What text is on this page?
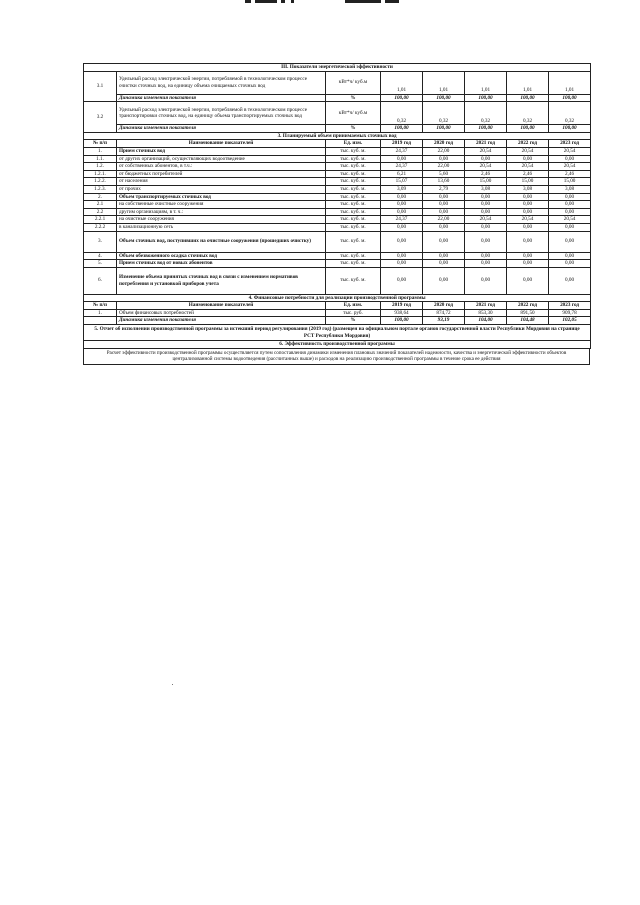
III. Показатели энергетической эффективности							
3.1	Удельный расход электрической энергии, потребляемой в технологическом процессе очистки сточных вод, на единицу объема очищаемых сточных вод	кВт*ч/ куб.м	1,01	1,01	1,01	1,01	1,01
	Динамика изменения показателя	%	100,00	100,00	100,00	100,00	100,00
3.2	Удельный расход электрической энергии, потребляемой в технологическом процессе транспортировки сточных вод, на единицу объема транспортируемых сточных вод	кВт*ч/ куб.м	0,32	0,32	0,32	0,32	0,32
	Динамика изменения показателя	%	100,00	100,00	100,00	100,00	100,00
3. Планируемый объем принимаемых сточных вод							
№ п/п	Наименование показателей	Ед. изм.	2019 год	2020 год	2021 год	2022 год	2023 год
1.	Прием сточных вод	тыс. куб. м.	24,37	22,00	20,54	20,54	20,54
1.1.	от других организаций, осуществляющих водоотведение	тыс. куб. м.	0,00	0,00	0,00	0,00	0,00
1.2.	от собственных абонентов, в т.ч.:	тыс. куб. м.	24,37	22,00	20,54	20,54	20,54
1.2.1.	от бюджетных потребителей	тыс. куб. м.	6,21	5,60	2,46	2,46	2,46
1.2.2.	от населения	тыс. куб. м.	15,07	13,60	15,00	15,00	15,00
1.2.3.	от прочих	тыс. куб. м.	3,09	2,79	3,08	3,08	3,08
2.	Объем транспортируемых сточных вод	тыс. куб. м.	0,00	0,00	0,00	0,00	0,00
2.1	на собственные очистные сооружения	тыс. куб. м.	0,00	0,00	0,00	0,00	0,00
2.2	другим организациям, в т. ч.:	тыс. куб. м.	0,00	0,00	0,00	0,00	0,00
2.2.1	на очистные сооружения	тыс. куб. м.	24,37	22,00	20,54	20,54	20,54
2.2.2	в канализационную сеть	тыс. куб. м.	0,00	0,00	0,00	0,00	0,00
3.	Объем сточных вод, поступивших на очистные сооружения (прошедших очистку)	тыс. куб. м.	0,00	0,00	0,00	0,00	0,00
4.	Объем обезвоженного осадка сточных вод	тыс. куб. м.	0,00	0,00	0,00	0,00	0,00
5.	Прием сточных вод от новых абонентов	тыс. куб. м.	0,00	0,00	0,00	0,00	0,00
6.	Изменение объема принятых сточных вод в связи с изменением нормативов потребления и установкой приборов учета	тыс. куб. м.	0,00	0,00	0,00	0,00	0,00
4. Финансовые потребности для реализации производственной программы							
№ п/п	Наименование показателей	Ед. изм.	2019 год	2020 год	2021 год	2022 год	2023 год
1.	Объем финансовых потребностей	тыс. руб.	938,64	874,72	853,30	891,50	909,78
	Динамика изменения показателя	%	100,00	93,19	104,00	104,48	102,05
5. Отчет об исполнении производственной программы за истекший период регулирования (2019 год) (размещен на официальном портале органов государственной власти Республики Мордовия на странице РСТ Республики Мордовия)							
6. Эффективность производственной программы							
Расчет эффективности производственной программы осуществляется путем сопоставления динамики изменения плановых значений показателей надежности, качества и энергетической эффективности объектов централизованной системы водоотведения (рассчитанных выше) и расходов на реализацию производственной программы в течение срока ее действия
